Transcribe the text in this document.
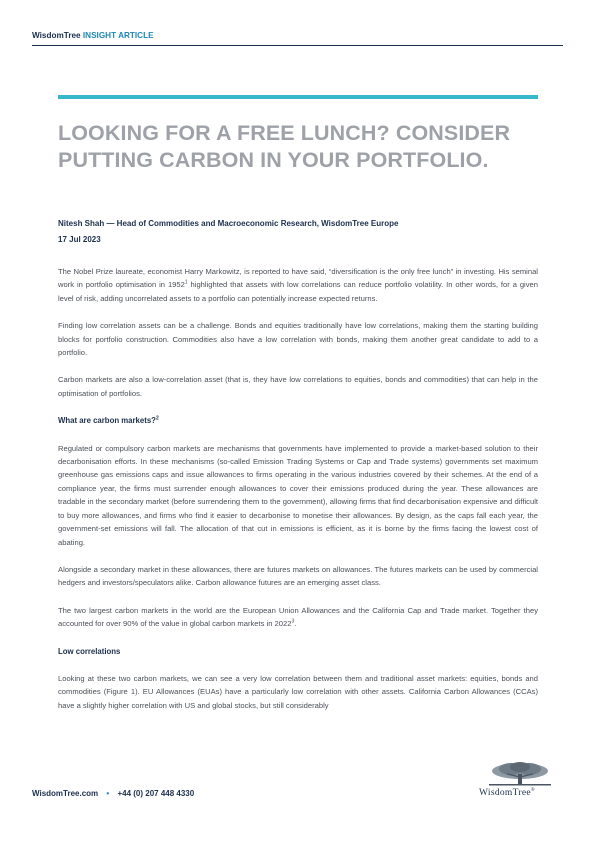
WisdomTree INSIGHT ARTICLE
LOOKING FOR A FREE LUNCH? CONSIDER PUTTING CARBON IN YOUR PORTFOLIO.
Nitesh Shah — Head of Commodities and Macroeconomic Research, WisdomTree Europe
17 Jul 2023

The Nobel Prize laureate, economist Harry Markowitz, is reported to have said, “diversification is the only free lunch” in investing. His seminal work in portfolio optimisation in 1952$^1$ highlighted that assets with low correlations can reduce portfolio volatility. In other words, for a given level of risk, adding uncorrelated assets to a portfolio can potentially increase expected returns.

Finding low correlation assets can be a challenge. Bonds and equities traditionally have low correlations, making them the starting building blocks for portfolio construction. Commodities also have a low correlation with bonds, making them another great candidate to add to a portfolio.

Carbon markets are also a low-correlation asset (that is, they have low correlations to equities, bonds and commodities) that can help in the optimisation of portfolios.

What are carbon markets?$^2$

Regulated or compulsory carbon markets are mechanisms that governments have implemented to provide a market-based solution to their decarbonisation efforts. In these mechanisms (so-called Emission Trading Systems or Cap and Trade systems) governments set maximum greenhouse gas emissions caps and issue allowances to firms operating in the various industries covered by their schemes. At the end of a compliance year, the firms must surrender enough allowances to cover their emissions produced during the year. These allowances are tradable in the secondary market (before surrendering them to the government), allowing firms that find decarbonisation expensive and difficult to buy more allowances, and firms who find it easier to decarbonise to monetise their allowances. By design, as the caps fall each year, the government-set emissions will fall. The allocation of that cut in emissions is efficient, as it is borne by the firms facing the lowest cost of abating.

Alongside a secondary market in these allowances, there are futures markets on allowances. The futures markets can be used by commercial hedgers and investors/speculators alike. Carbon allowance futures are an emerging asset class.

The two largest carbon markets in the world are the European Union Allowances and the California Cap and Trade market. Together they accounted for over 90% of the value in global carbon markets in 2022$^3$.

Low correlations

Looking at these two carbon markets, we can see a very low correlation between them and traditional asset markets: equities, bonds and commodities (Figure 1). EU Allowances (EUAs) have a particularly low correlation with other assets. California Carbon Allowances (CCAs) have a slightly higher correlation with US and global stocks, but still considerably

WisdomTree.com • +44 (0) 207 448 4330	WisdomTree®
